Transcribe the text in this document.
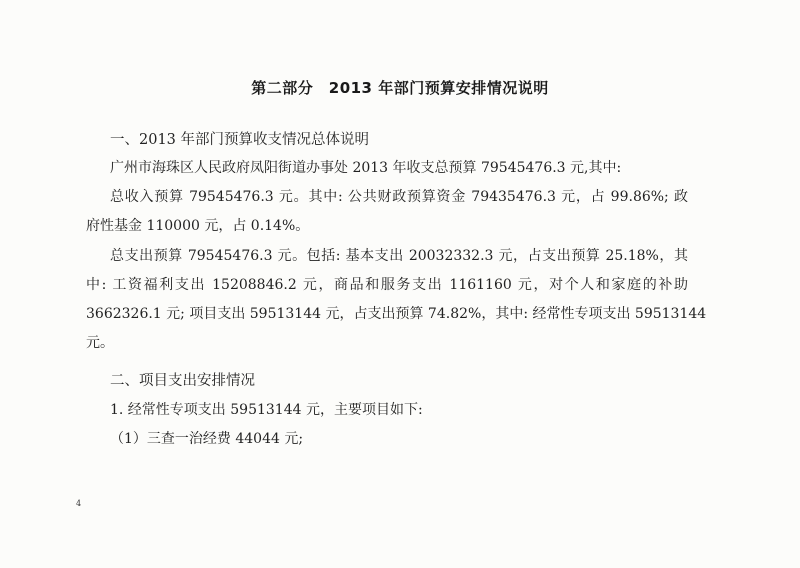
第二部分　2013 年部门预算安排情况说明
一、2013 年部门预算收支情况总体说明
广州市海珠区人民政府凤阳街道办事处 2013 年收支总预算 79545476.3 元,其中:
总收入预算 79545476.3 元。其中: 公共财政预算资金 79435476.3 元，占 99.86%; 政
府性基金 110000 元，占 0.14%。
总支出预算 79545476.3 元。包括: 基本支出 20032332.3 元，占支出预算 25.18%，其
中: 工资福利支出 15208846.2 元，商品和服务支出 1161160 元，对个人和家庭的补助
3662326.1 元; 项目支出 59513144 元，占支出预算 74.82%，其中: 经常性专项支出 59513144
元。
二、项目支出安排情况
1. 经常性专项支出 59513144 元，主要项目如下:
（1）三查一治经费 44044 元;
4
